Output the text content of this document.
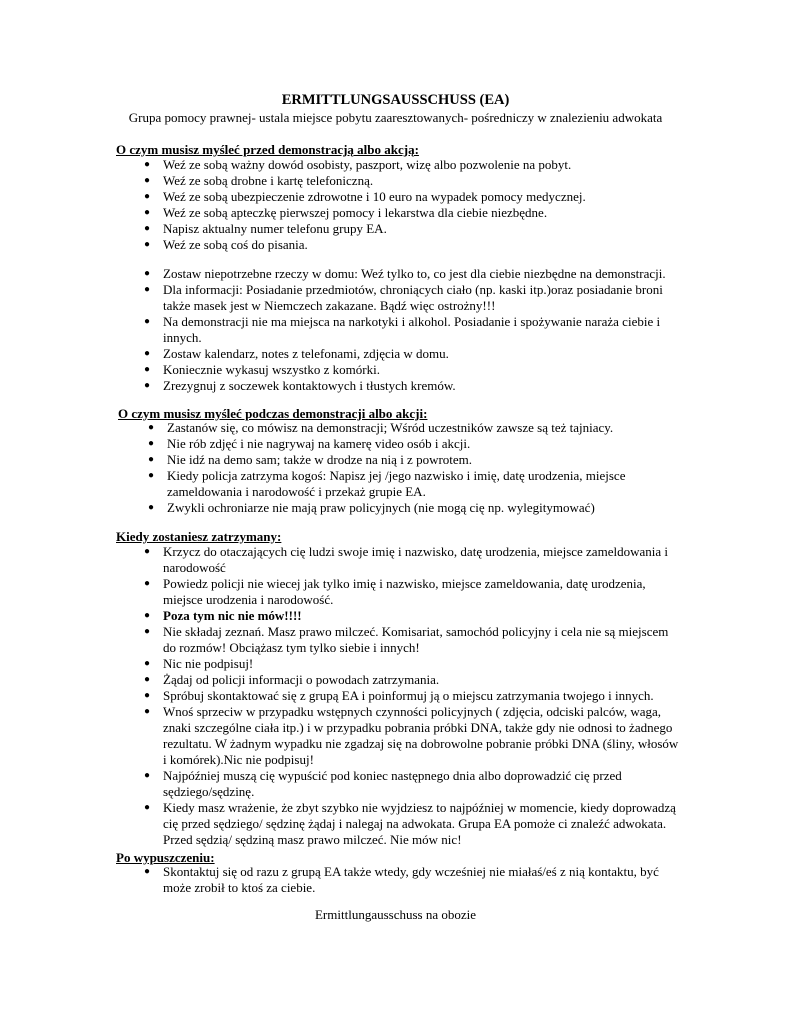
ERMITTLUNGSAUSSCHUSS (EA)
Grupa pomocy prawnej- ustala miejsce pobytu zaaresztowanych- pośredniczy w znalezieniu adwokata
O czym musisz myśleć przed demonstracją albo akcją:
● Weź ze sobą ważny dowód osobisty, paszport, wizę albo pozwolenie na pobyt.
● Weź ze sobą drobne i kartę telefoniczną.
● Weź ze sobą ubezpieczenie zdrowotne i 10 euro na wypadek pomocy medycznej.
● Weź ze sobą apteczkę pierwszej pomocy i lekarstwa dla ciebie niezbędne.
● Napisz aktualny numer telefonu grupy EA.
● Weź ze sobą coś do pisania.
● Zostaw niepotrzebne rzeczy w domu: Weź tylko to, co jest dla ciebie niezbędne na demonstracji.
● Dla informacji: Posiadanie przedmiotów, chroniących ciało (np. kaski itp.)oraz posiadanie broni także masek jest w Niemczech zakazane. Bądź więc ostrożny!!!
● Na demonstracji nie ma miejsca na narkotyki i alkohol. Posiadanie i spożywanie naraża ciebie i innych.
● Zostaw kalendarz, notes z telefonami, zdjęcia w domu.
● Koniecznie wykasuj wszystko z komórki.
● Zrezygnuj z soczewek kontaktowych i tłustych kremów.
O czym musisz myśleć podczas demonstracji albo akcji:
● Zastanów się, co mówisz na demonstracji; Wśród uczestników zawsze są też tajniacy.
● Nie rób zdjęć i nie nagrywaj na kamerę video osób i akcji.
● Nie idź na demo sam; także w drodze na nią i z powrotem.
● Kiedy policja zatrzyma kogoś: Napisz jej /jego nazwisko i imię, datę urodzenia, miejsce zameldowania i narodowość i przekaż grupie EA.
● Zwykli ochroniarze nie mają praw policyjnych (nie mogą cię np. wylegitymować)
Kiedy zostaniesz zatrzymany:
● Krzycz do otaczających cię ludzi swoje imię i nazwisko, datę urodzenia, miejsce zameldowania i narodowość
● Powiedz policji nie wiecej jak tylko imię i nazwisko, miejsce zameldowania, datę urodzenia, miejsce urodzenia i narodowość.
● Poza tym nic nie mów!!!!
● Nie składaj zeznań. Masz prawo milczeć. Komisariat, samochód policyjny i cela nie są miejscem do rozmów! Obciążasz tym tylko siebie i innych!
● Nic nie podpisuj!
● Żądaj od policji informacji o powodach zatrzymania.
● Spróbuj skontaktować się z grupą EA i poinformuj ją o miejscu zatrzymania twojego i innych.
● Wnoś sprzeciw w przypadku wstępnych czynności policyjnych ( zdjęcia, odciski palców, waga, znaki szczególne ciała itp.) i w przypadku pobrania próbki DNA, także gdy nie odnosi to żadnego rezultatu. W żadnym wypadku nie zgadzaj się na dobrowolne pobranie próbki DNA (śliny, włosów i komórek).Nic nie podpisuj!
● Najpóźniej muszą cię wypuścić pod koniec następnego dnia albo doprowadzić cię przed sędziego/sędzinę.
● Kiedy masz wrażenie, że zbyt szybko nie wyjdziesz to najpóźniej w momencie, kiedy doprowadzą cię przed sędziego/ sędzinę żądaj i nalegaj na adwokata. Grupa EA pomoże ci znaleźć adwokata. Przed sędzią/ sędziną masz prawo milczeć. Nie mów nic!
Po wypuszczeniu:
● Skontaktuj się od razu z grupą EA także wtedy, gdy wcześniej nie miałaś/eś z nią kontaktu, być może zrobił to ktoś za ciebie.
Ermittlungausschuss na obozie
